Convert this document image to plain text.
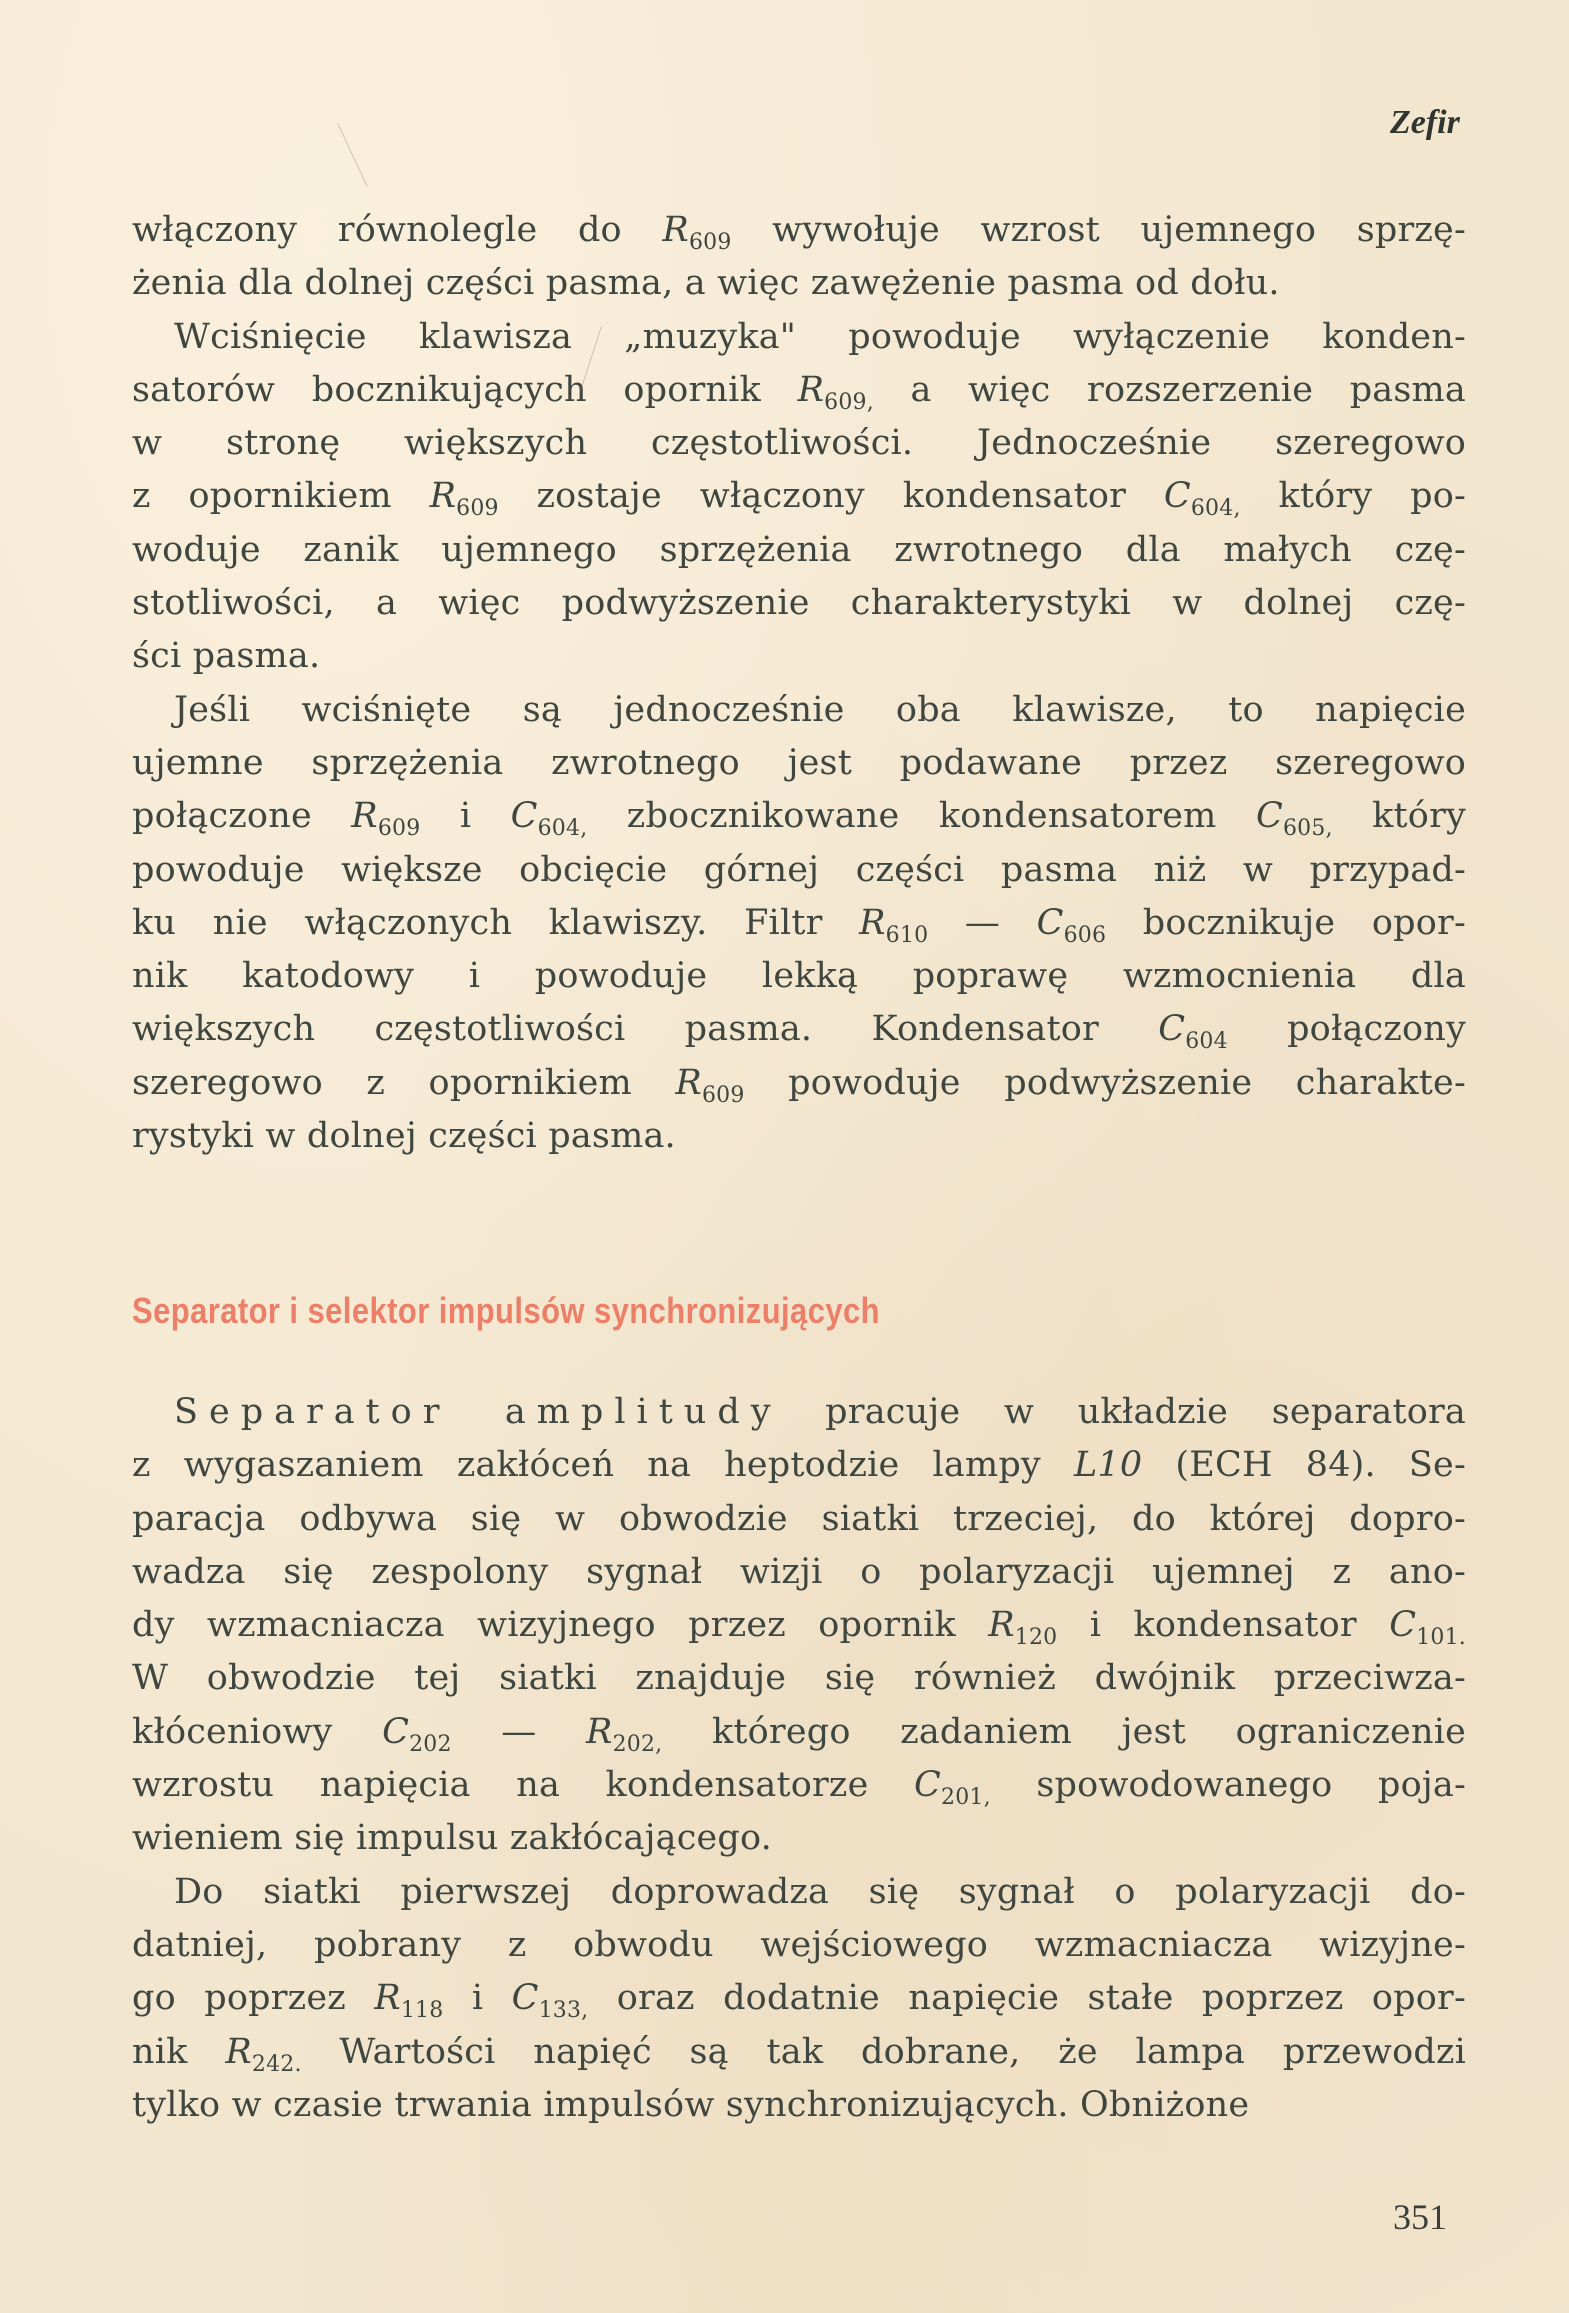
Zefir
włączony równolegle do $R_{609}$ wywołuje wzrost ujemnego sprzę-
żenia dla dolnej części pasma, a więc zawężenie pasma od dołu.
Wciśnięcie klawisza „muzyka" powoduje wyłączenie konden-
satorów bocznikujących opornik $R_{609,}$ a więc rozszerzenie pasma
w stronę większych częstotliwości. Jednocześnie szeregowo
z opornikiem $R_{609}$ zostaje włączony kondensator $C_{604,}$ który po-
woduje zanik ujemnego sprzężenia zwrotnego dla małych czę-
stotliwości, a więc podwyższenie charakterystyki w dolnej czę-
ści pasma.
Jeśli wciśnięte są jednocześnie oba klawisze, to napięcie
ujemne sprzężenia zwrotnego jest podawane przez szeregowo
połączone $R_{609}$ i $C_{604,}$ zbocznikowane kondensatorem $C_{605,}$ który
powoduje większe obcięcie górnej części pasma niż w przypad-
ku nie włączonych klawiszy. Filtr $R_{610}$ — $C_{606}$ bocznikuje opor-
nik katodowy i powoduje lekką poprawę wzmocnienia dla
większych częstotliwości pasma. Kondensator $C_{604}$ połączony
szeregowo z opornikiem $R_{609}$ powoduje podwyższenie charakte-
rystyki w dolnej części pasma.
Separator i selektor impulsów synchronizujących
Separator amplitudy pracuje w układzie separatora
z wygaszaniem zakłóceń na heptodzie lampy L10 (ECH 84). Se-
paracja odbywa się w obwodzie siatki trzeciej, do której dopro-
wadza się zespolony sygnał wizji o polaryzacji ujemnej z ano-
dy wzmacniacza wizyjnego przez opornik $R_{120}$ i kondensator $C_{101.}$
W obwodzie tej siatki znajduje się również dwójnik przeciwza-
kłóceniowy $C_{202}$ — $R_{202,}$ którego zadaniem jest ograniczenie
wzrostu napięcia na kondensatorze $C_{201,}$ spowodowanego poja-
wieniem się impulsu zakłócającego.
Do siatki pierwszej doprowadza się sygnał o polaryzacji do-
datniej, pobrany z obwodu wejściowego wzmacniacza wizyjne-
go poprzez $R_{118}$ i $C_{133,}$ oraz dodatnie napięcie stałe poprzez opor-
nik $R_{242.}$ Wartości napięć są tak dobrane, że lampa przewodzi
tylko w czasie trwania impulsów synchronizujących. Obniżone
351
